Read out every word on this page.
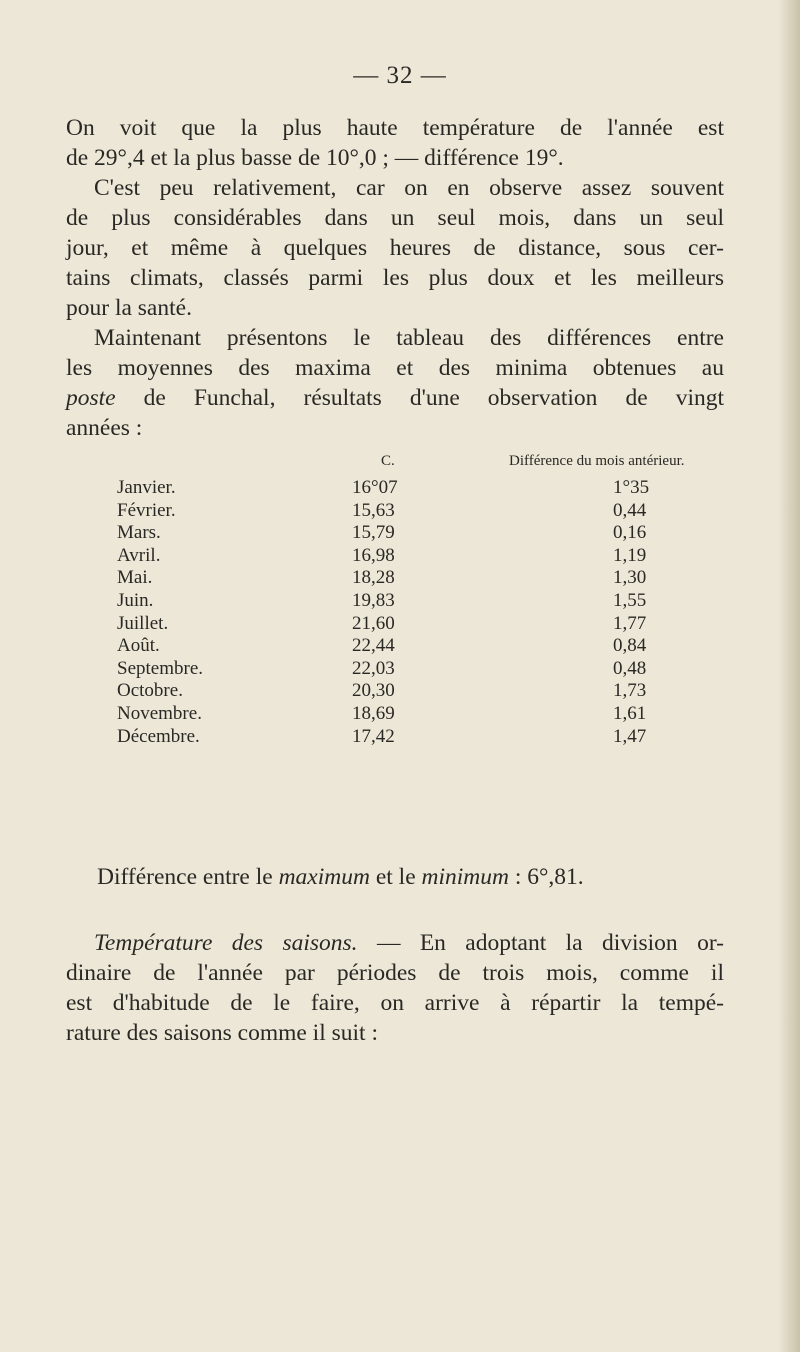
— 32 —
On voit que la plus haute température de l'année est
de 29°,4 et la plus basse de 10°,0 ; — différence 19°.
C'est peu relativement, car on en observe assez souvent
de plus considérables dans un seul mois, dans un seul
jour, et même à quelques heures de distance, sous cer-
tains climats, classés parmi les plus doux et les meilleurs
pour la santé.
Maintenant présentons le tableau des différences entre
les moyennes des maxima et des minima obtenues au
poste de Funchal, résultats d'une observation de vingt
années :
C.	Différence du mois antérieur.
Janvier.	16°07	1°35
Février.	15,63	0,44
Mars.	15,79	0,16
Avril.	16,98	1,19
Mai.	18,28	1,30
Juin.	19,83	1,55
Juillet.	21,60	1,77
Août.	22,44	0,84
Septembre.	22,03	0,48
Octobre.	20,30	1,73
Novembre.	18,69	1,61
Décembre.	17,42	1,47
Différence entre le maximum et le minimum : 6°,81.
Température des saisons. — En adoptant la division or-
dinaire de l'année par périodes de trois mois, comme il
est d'habitude de le faire, on arrive à répartir la tempé-
rature des saisons comme il suit :
